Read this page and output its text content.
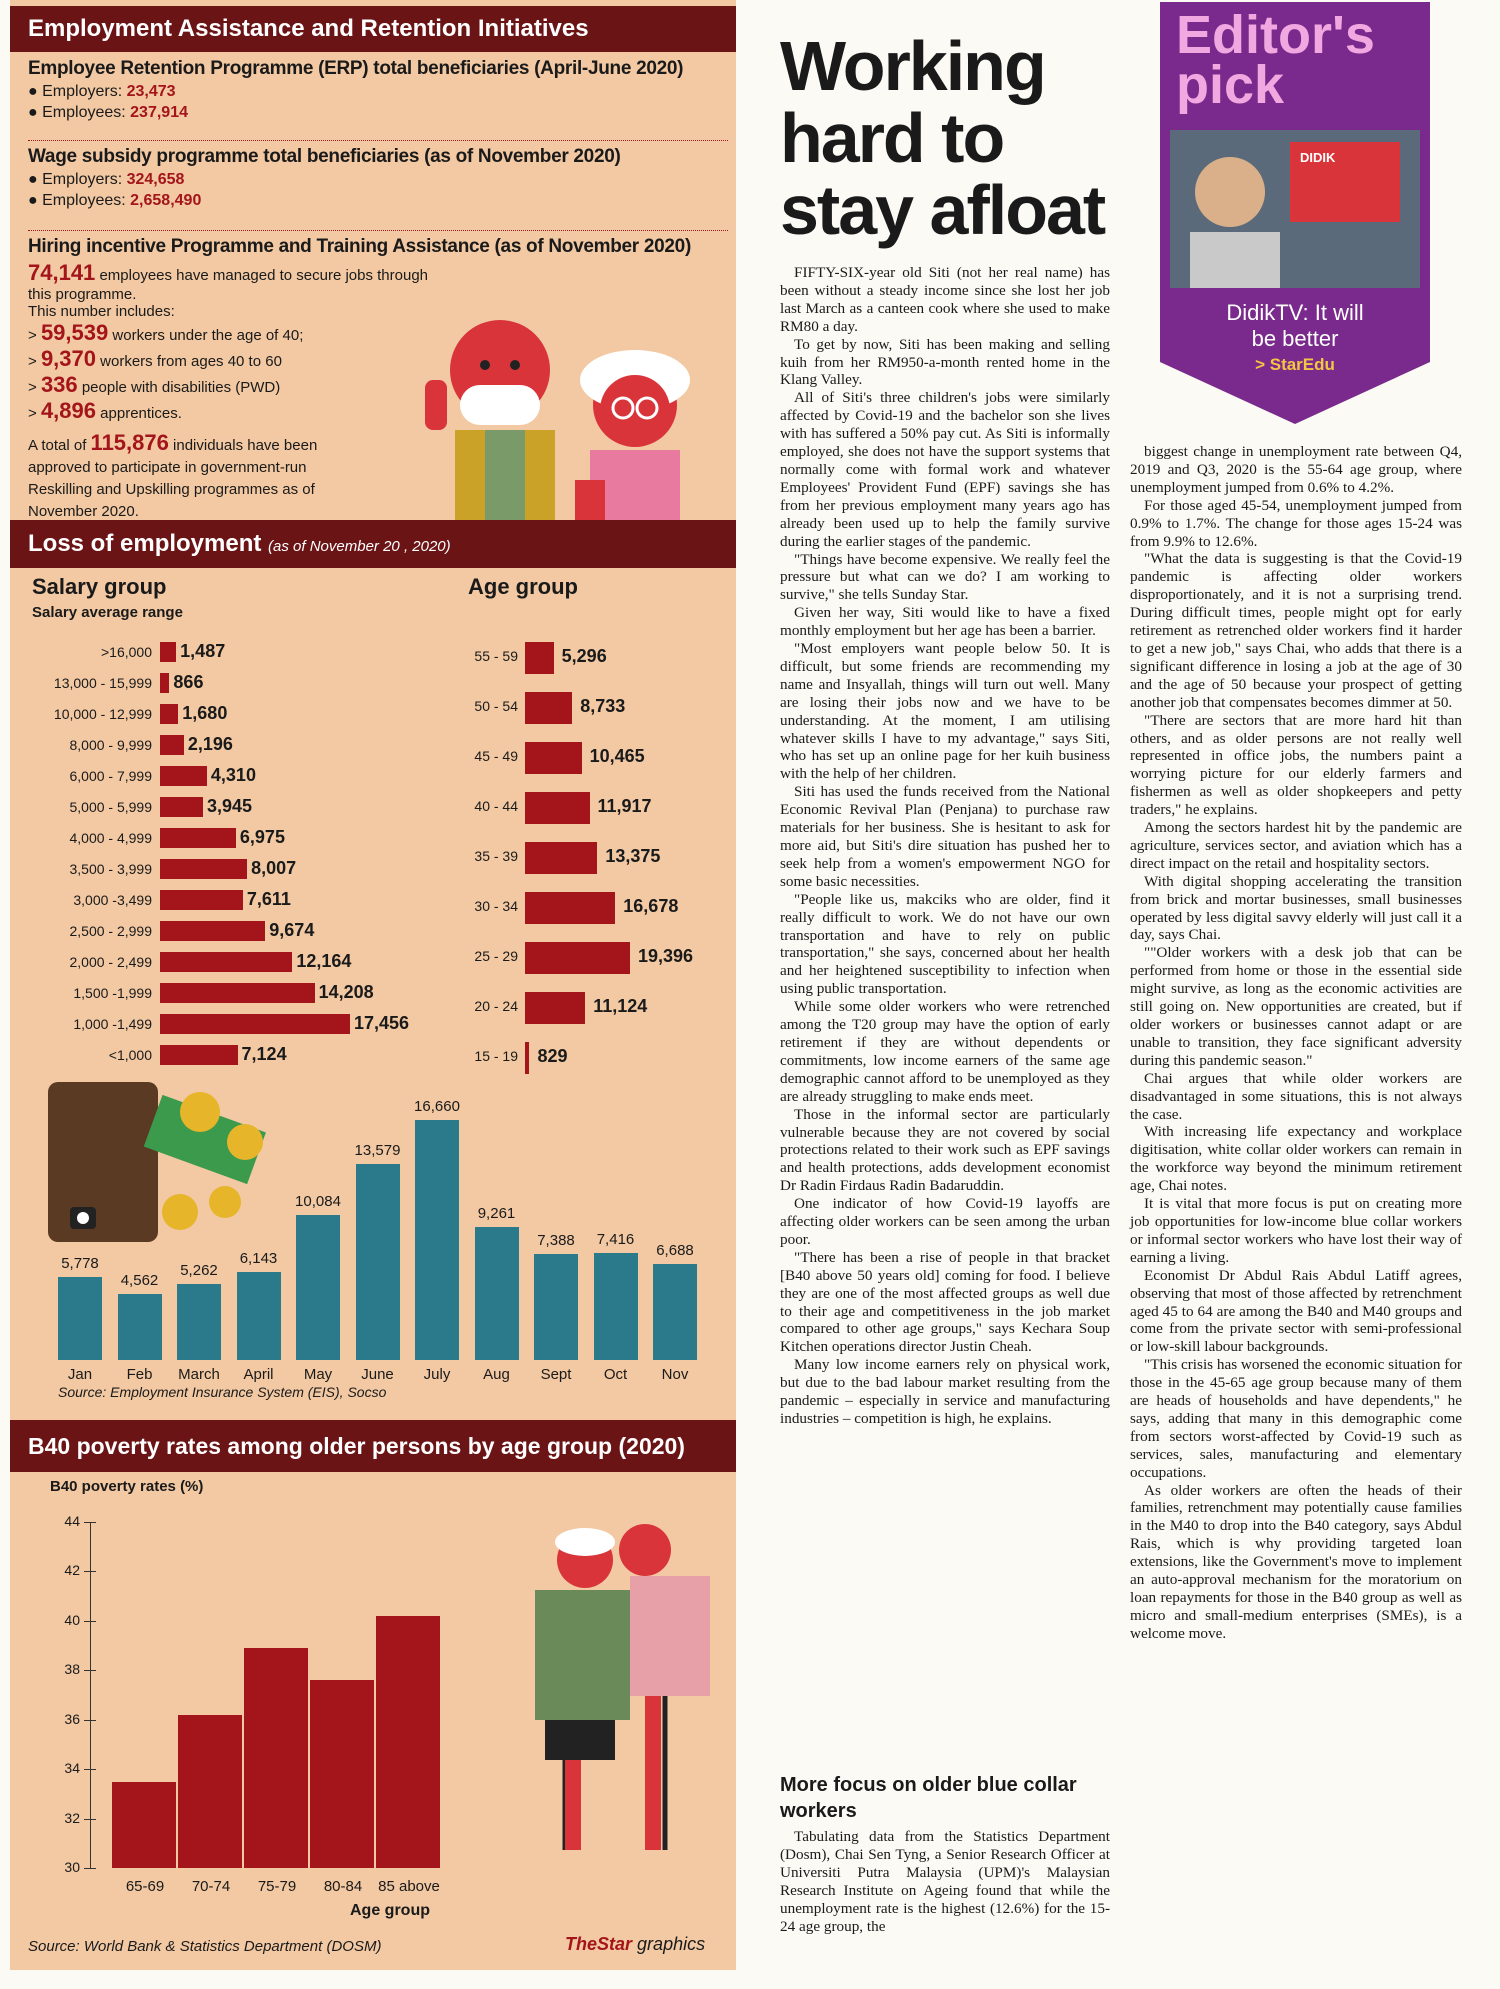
Employment Assistance and Retention Initiatives
Employee Retention Programme (ERP) total beneficiaries (April-June 2020)
● Employers: 23,473
● Employees: 237,914
Wage subsidy programme total beneficiaries (as of November 2020)
● Employers: 324,658
● Employees: 2,658,490
Hiring incentive Programme and Training Assistance (as of November 2020)
74,141 employees have managed to secure jobs through this programme.
This number includes:
> 59,539 workers under the age of 40;
> 9,370 workers from ages 40 to 60
> 336 people with disabilities (PWD)
> 4,896 apprentices.
A total of 115,876 individuals have been approved to participate in government-run Reskilling and Upskilling programmes as of November 2020.
Loss of employment (as of November 20 , 2020)
Salary group
Salary average range
Age group
>16,000 1,487
13,000 - 15,999 866
10,000 - 12,999 1,680
8,000 - 9,999 2,196
6,000 - 7,999	4,310
5,000 - 5,999	3,945
4,000 - 4,999	6,975
3,500 - 3,999	8,007
3,000 -3,499	7,611
2,500 - 2,999	9,674
2,000 - 2,499	12,164
1,500 -1,999	14,208
1,000 -1,499	17,456
<1,000	7,124
55 - 59 5,296
50 - 54	8,733
45 - 49	10,465
40 - 44	11,917
35 - 39	13,375
30 - 34	16,678
25 - 29	19,396
20 - 24	11,124
15 - 19 829
5,778
Jan
4,562
Feb
5,262
March
6,143
April
10,084
May
13,579
June
16,660
July
9,261
Aug
7,388
Sept
7,416
Oct
6,688
Nov
Source: Employment Insurance System (EIS), Socso
B40 poverty rates among older persons by age group (2020)
B40 poverty rates (%)
44
42
40
38
36
34
32
30
65-69	70-74	75-79	80-84	85 above
Age group
Source: World Bank & Statistics Department (DOSM)	TheStar graphics
Working
hard to
stay afloat
Editor's
pick
DIDIK
DidikTV: It will
be better
> StarEdu

FIFTY-SIX-year old Siti (not her real name) has been without a steady income since she lost her job last March as a canteen cook where she used to make RM80 a day.

To get by now, Siti has been making and selling kuih from her RM950-a-month rented home in the Klang Valley.

All of Siti's three children's jobs were similarly affected by Covid-19 and the bachelor son she lives with has suffered a 50% pay cut. As Siti is informally employed, she does not have the support systems that normally come with formal work and whatever Employees' Provident Fund (EPF) savings she has from her previous employment many years ago has already been used up to help the family survive during the earlier stages of the pandemic.

"Things have become expensive. We really feel the pressure but what can we do? I am working to survive," she tells Sunday Star.

Given her way, Siti would like to have a fixed monthly employment but her age has been a barrier.

"Most employers want people below 50. It is difficult, but some friends are recommending my name and Insyallah, things will turn out well. Many are losing their jobs now and we have to be understanding. At the moment, I am utilising whatever skills I have to my advantage," says Siti, who has set up an online page for her kuih business with the help of her children.

Siti has used the funds received from the National Economic Revival Plan (Penjana) to purchase raw materials for her business. She is hesitant to ask for more aid, but Siti's dire situation has pushed her to seek help from a women's empowerment NGO for some basic necessities.

"People like us, makciks who are older, find it really difficult to work. We do not have our own transportation and have to rely on public transportation," she says, concerned about her health and her heightened susceptibility to infection when using public transportation.

While some older workers who were retrenched among the T20 group may have the option of early retirement if they are without dependents or commitments, low income earners of the same age demographic cannot afford to be unemployed as they are already struggling to make ends meet.

Those in the informal sector are particularly vulnerable because they are not covered by social protections related to their work such as EPF savings and health protections, adds development economist Dr Radin Firdaus Radin Badaruddin.

One indicator of how Covid-19 layoffs are affecting older workers can be seen among the urban poor.

"There has been a rise of people in that bracket [B40 above 50 years old] coming for food. I believe they are one of the most affected groups as well due to their age and competitiveness in the job market compared to other age groups," says Kechara Soup Kitchen operations director Justin Cheah.

Many low income earners rely on physical work, but due to the bad labour market resulting from the pandemic – especially in service and manufacturing industries – competition is high, he explains.

More focus on older blue collar workers

Tabulating data from the Statistics Department (Dosm), Chai Sen Tyng, a Senior Research Officer at Universiti Putra Malaysia (UPM)'s Malaysian Research Institute on Ageing found that while the unemployment rate is the highest (12.6%) for the 15-24 age group, the

biggest change in unemployment rate between Q4, 2019 and Q3, 2020 is the 55-64 age group, where unemployment jumped from 0.6% to 4.2%.

For those aged 45-54, unemployment jumped from 0.9% to 1.7%. The change for those ages 15-24 was from 9.9% to 12.6%.

"What the data is suggesting is that the Covid-19 pandemic is affecting older workers disproportionately, and it is not a surprising trend. During difficult times, people might opt for early retirement as retrenched older workers find it harder to get a new job," says Chai, who adds that there is a significant difference in losing a job at the age of 30 and the age of 50 because your prospect of getting another job that compensates becomes dimmer at 50.

"There are sectors that are more hard hit than others, and as older persons are not really well represented in office jobs, the numbers paint a worrying picture for our elderly farmers and fishermen as well as older shopkeepers and petty traders," he explains.

Among the sectors hardest hit by the pandemic are agriculture, services sector, and aviation which has a direct impact on the retail and hospitality sectors.

With digital shopping accelerating the transition from brick and mortar businesses, small businesses operated by less digital savvy elderly will just call it a day, says Chai.

""Older workers with a desk job that can be performed from home or those in the essential side might survive, as long as the economic activities are still going on. New opportunities are created, but if older workers or businesses cannot adapt or are unable to transition, they face significant adversity during this pandemic season."

Chai argues that while older workers are disadvantaged in some situations, this is not always the case.

With increasing life expectancy and workplace digitisation, white collar older workers can remain in the workforce way beyond the minimum retirement age, Chai notes.

It is vital that more focus is put on creating more job opportunities for low-income blue collar workers or informal sector workers who have lost their way of earning a living.

Economist Dr Abdul Rais Abdul Latiff agrees, observing that most of those affected by retrenchment aged 45 to 64 are among the B40 and M40 groups and come from the private sector with semi-professional or low-skill labour backgrounds.

"This crisis has worsened the economic situation for those in the 45-65 age group because many of them are heads of households and have dependents," he says, adding that many in this demographic come from sectors worst-affected by Covid-19 such as services, sales, manufacturing and elementary occupations.

As older workers are often the heads of their families, retrenchment may potentially cause families in the M40 to drop into the B40 category, says Abdul Rais, which is why providing targeted loan extensions, like the Government's move to implement an auto-approval mechanism for the moratorium on loan repayments for those in the B40 group as well as micro and small-medium enterprises (SMEs), is a welcome move.
